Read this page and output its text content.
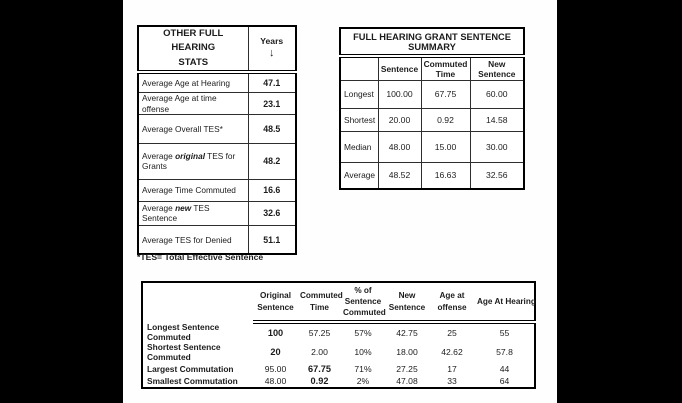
OTHER FULL HEARING
STATS	Years
↓

Average Age at Hearing	47.1
Average Age at time offense	23.1
Average Overall TES*	48.5
Average original TES for Grants	48.2
Average Time Commuted	16.6
Average new TES Sentence	32.6
Average TES for Denied	51.1
FULL HEARING GRANT SENTENCE SUMMARY			
	Sentence	Commuted Time	New Sentence
Longest	100.00	67.75	60.00
Shortest	20.00	0.92	14.58
Median	48.00	15.00	30.00
Average	48.52	16.63	32.56
*TES= Total Effective Sentence
	Original Sentence	Commuted Time	% of Sentence Commuted	New Sentence	Age at offense	Age At Hearing
Longest Sentence Commuted	100	57.25	57%	42.75	25	55
Shortest Sentence Commuted	20	2.00	10%	18.00	42.62	57.8
Largest Commutation	95.00	67.75	71%	27.25	17	44
Smallest Commutation	48.00	0.92	2%	47.08	33	64
